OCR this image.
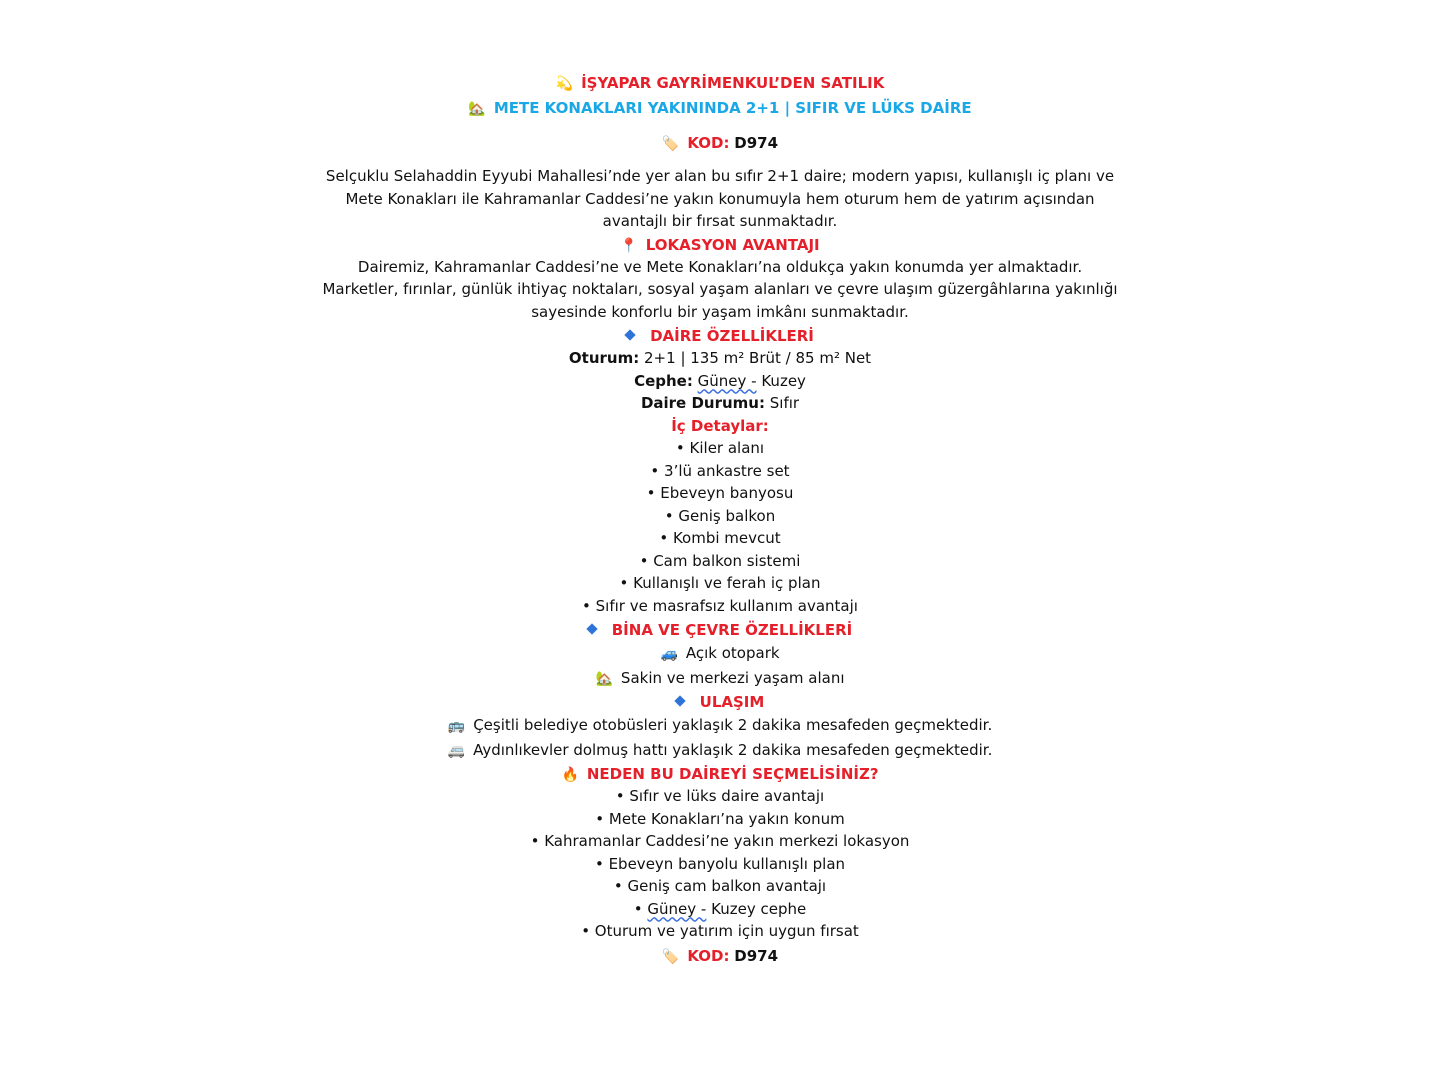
💫 İŞYAPAR GAYRİMENKUL’DEN SATILIK
🏡 METE KONAKLARI YAKININDA 2+1 | SIFIR VE LÜKS DAİRE
🏷️ KOD: D974
Selçuklu Selahaddin Eyyubi Mahallesi’nde yer alan bu sıfır 2+1 daire; modern yapısı, kullanışlı iç planı ve Mete Konakları ile Kahramanlar Caddesi’ne yakın konumuyla hem oturum hem de yatırım açısından avantajlı bir fırsat sunmaktadır.
📍 LOKASYON AVANTAJI
Dairemiz, Kahramanlar Caddesi’ne ve Mete Konakları’na oldukça yakın konumda yer almaktadır.
Marketler, fırınlar, günlük ihtiyaç noktaları, sosyal yaşam alanları ve çevre ulaşım güzergâhlarına yakınlığı sayesinde konforlu bir yaşam imkânı sunmaktadır.
DAİRE ÖZELLİKLERİ
Oturum: 2+1 | 135 m² Brüt / 85 m² Net
Cephe: Güney - Kuzey
Daire Durumu: Sıfır
İç Detaylar:
• Kiler alanı
• 3’lü ankastre set
• Ebeveyn banyosu
• Geniş balkon
• Kombi mevcut
• Cam balkon sistemi
• Kullanışlı ve ferah iç plan
• Sıfır ve masrafsız kullanım avantajı
BİNA VE ÇEVRE ÖZELLİKLERİ
🚙 Açık otopark
🏡 Sakin ve merkezi yaşam alanı
ULAŞIM
🚌 Çeşitli belediye otobüsleri yaklaşık 2 dakika mesafeden geçmektedir.
🚐 Aydınlıkevler dolmuş hattı yaklaşık 2 dakika mesafeden geçmektedir.
🔥 NEDEN BU DAİREYİ SEÇMELİSİNİZ?
• Sıfır ve lüks daire avantajı
• Mete Konakları’na yakın konum
• Kahramanlar Caddesi’ne yakın merkezi lokasyon
• Ebeveyn banyolu kullanışlı plan
• Geniş cam balkon avantajı
• Güney - Kuzey cephe
• Oturum ve yatırım için uygun fırsat
🏷️ KOD: D974
